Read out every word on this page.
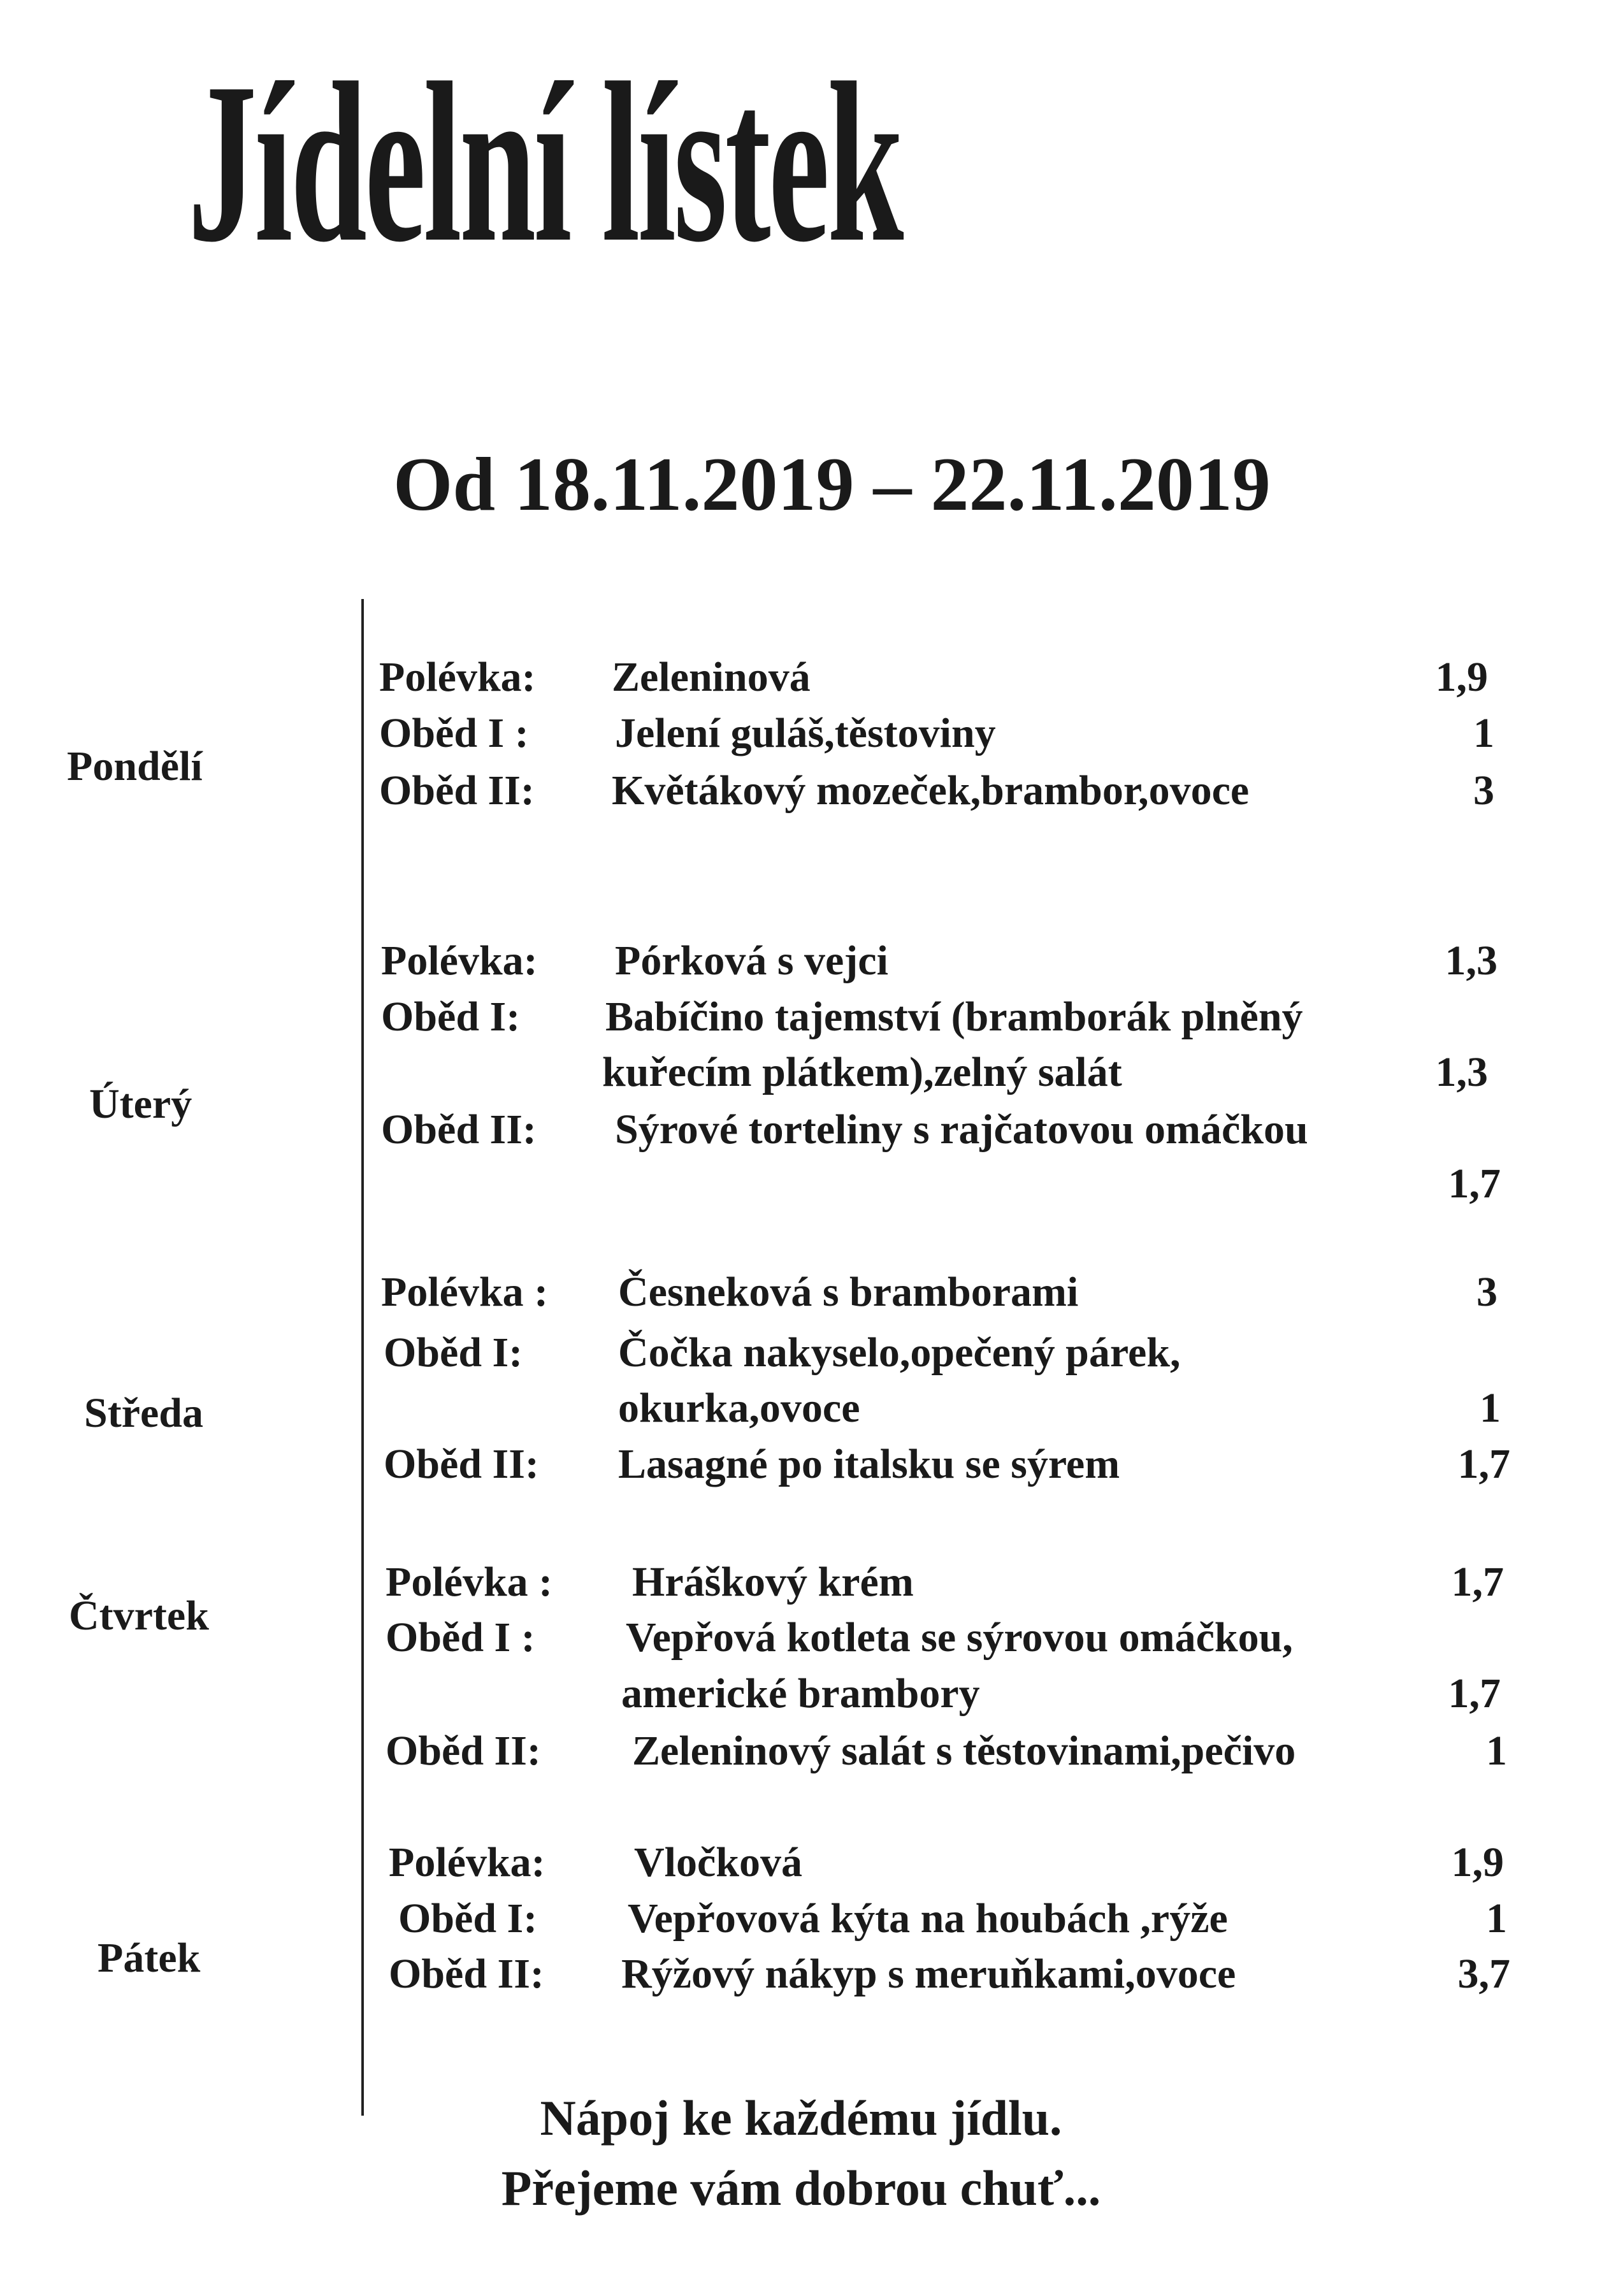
Jídelní lístek
Od 18.11.2019 – 22.11.2019
Pondělí
Úterý
Středa
Čtvrtek
Pátek
Polévka: Zeleninová	1,9
Oběd I : Jelení guláš,těstoviny	1
Oběd II: Květákový mozeček,brambor,ovoce	3
Polévka: Pórková s vejci	1,3
Oběd I: Babíčino tajemství (bramborák plněný
kuřecím plátkem),zelný salát	1,3
Oběd II: Sýrové torteliny s rajčatovou omáčkou
1,7
Polévka : Česneková s bramborami	3
Oběd I: Čočka nakyselo,opečený párek,
okurka,ovoce	1
Oběd II: Lasagné po italsku se sýrem	1,7
Polévka : Hráškový krém	1,7
Oběd I : Vepřová kotleta se sýrovou omáčkou,
americké brambory	1,7
Oběd II: Zeleninový salát s těstovinami,pečivo	1
Polévka: Vločková	1,9
Oběd I: Vepřovová kýta na houbách ,rýže	1
Oběd II: Rýžový nákyp s meruňkami,ovoce	3,7
Nápoj ke každému jídlu.
Přejeme vám dobrou chuť...
